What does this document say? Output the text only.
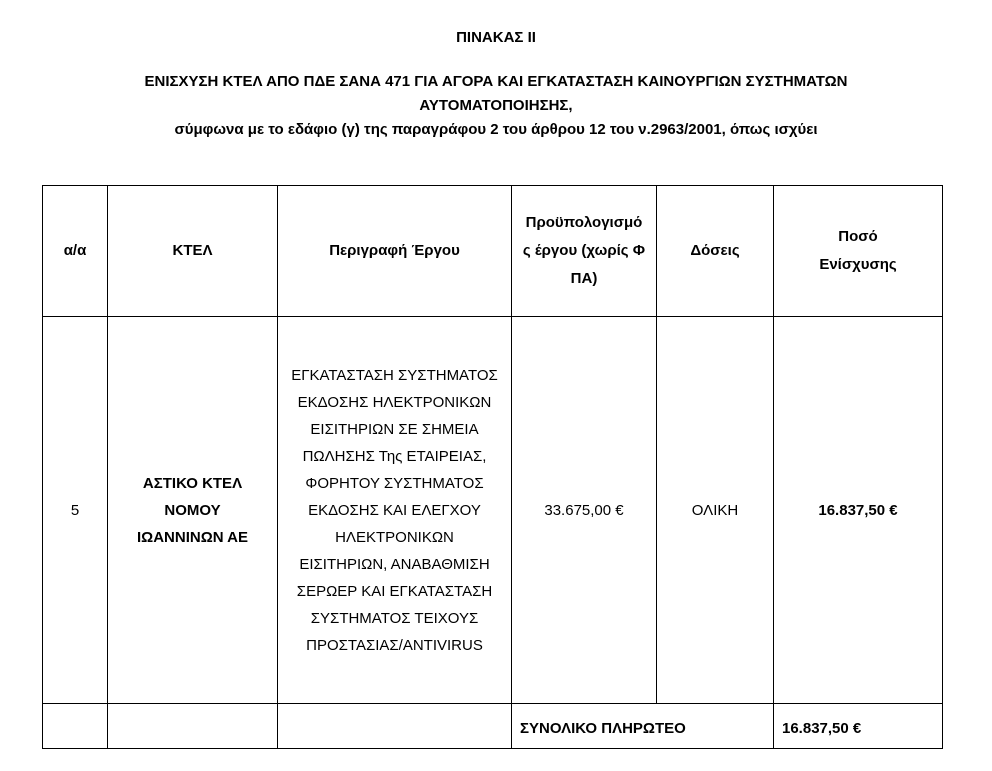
ΠΙΝΑΚΑΣ ΙΙ
ΕΝΙΣΧΥΣΗ ΚΤΕΛ ΑΠΟ ΠΔΕ ΣΑΝΑ 471 ΓΙΑ ΑΓΟΡΑ ΚΑΙ ΕΓΚΑΤΑΣΤΑΣΗ ΚΑΙΝΟΥΡΓΙΩΝ ΣΥΣΤΗΜΑΤΩΝ
ΑΥΤΟΜΑΤΟΠΟΙΗΣΗΣ,
σύμφωνα με το εδάφιο (γ) της παραγράφου 2 του άρθρου 12 του ν.2963/2001, όπως ισχύει
α/α	ΚΤΕΛ	Περιγραφή Έργου	Προϋπολογισμός έργου (χωρίς ΦΠΑ)	Δόσεις	Ποσό Ενίσχυσης

5	ΑΣΤΙΚΟ ΚΤΕΛ ΝΟΜΟΥ ΙΩΑΝΝΙΝΩΝ ΑΕ	ΕΓΚΑΤΑΣΤΑΣΗ ΣΥΣΤΗΜΑΤΟΣ ΕΚΔΟΣΗΣ ΗΛΕΚΤΡΟΝΙΚΩΝ ΕΙΣΙΤΗΡΙΩΝ ΣΕ ΣΗΜΕΙΑ ΠΩΛΗΣΗΣ Της ΕΤΑΙΡΕΙΑΣ, ΦΟΡΗΤΟΥ ΣΥΣΤΗΜΑΤΟΣ ΕΚΔΟΣΗΣ ΚΑΙ ΕΛΕΓΧΟΥ ΗΛΕΚΤΡΟΝΙΚΩΝ ΕΙΣΙΤΗΡΙΩΝ, ΑΝΑΒΑΘΜΙΣΗ ΣΕΡΩΕΡ ΚΑΙ ΕΓΚΑΤΑΣΤΑΣΗ ΣΥΣΤΗΜΑΤΟΣ ΤΕΙΧΟΥΣ ΠΡΟΣΤΑΣΙΑΣ/ANTIVIRUS	33.675,00 €	ΟΛΙΚΗ	16.837,50 €
			ΣΥΝΟΛΙΚΟ ΠΛΗΡΩΤΕΟ		16.837,50 €
